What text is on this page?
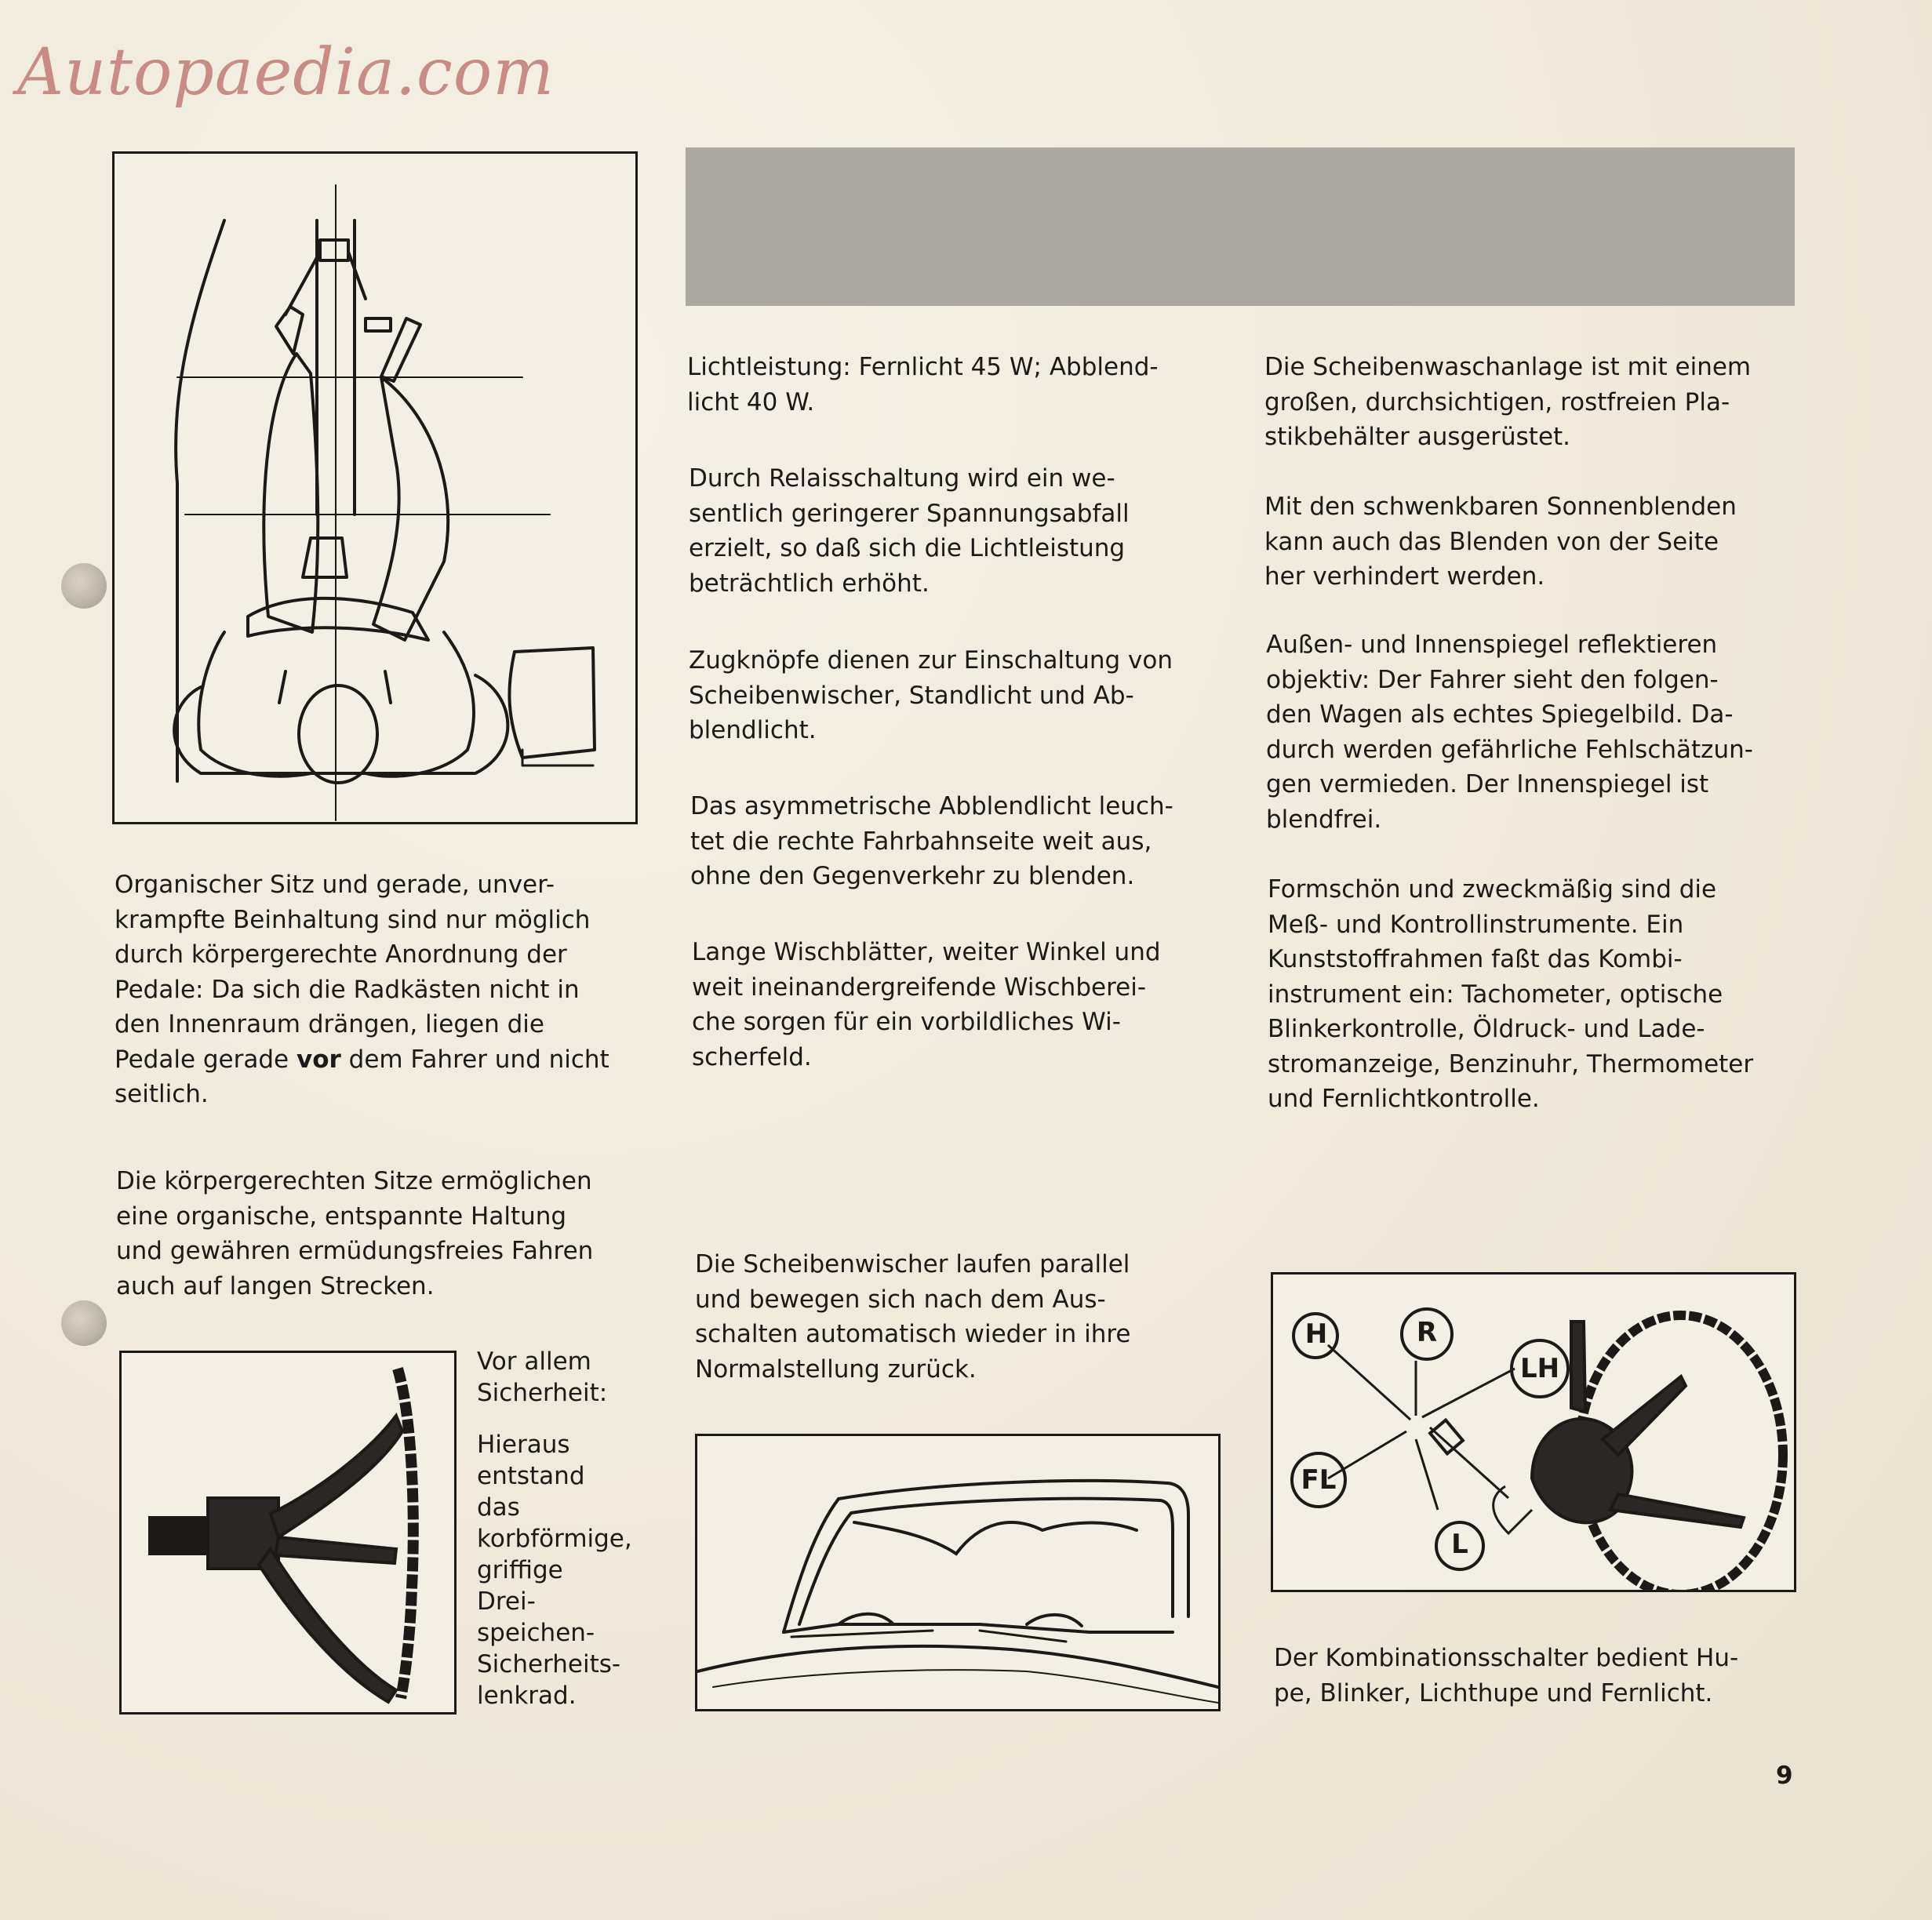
Autopaedia.com

Organischer Sitz und gerade, unver-
krampfte Beinhaltung sind nur möglich
durch körpergerechte Anordnung der
Pedale: Da sich die Radkästen nicht in
den Innenraum drängen, liegen die
Pedale gerade vor dem Fahrer und nicht
seitlich.

Die körpergerechten Sitze ermöglichen
eine organische, entspannte Haltung
und gewähren ermüdungsfreies Fahren
auch auf langen Strecken.

Vor allem
Sicherheit:

Hieraus
entstand
das
korbförmige,
griffige
Drei-
speichen-
Sicherheits-
lenkrad.

Lichtleistung: Fernlicht 45 W; Abblend-
licht 40 W.

Durch Relaisschaltung wird ein we-
sentlich geringerer Spannungsabfall
erzielt, so daß sich die Lichtleistung
beträchtlich erhöht.

Zugknöpfe dienen zur Einschaltung von
Scheibenwischer, Standlicht und Ab-
blendlicht.

Das asymmetrische Abblendlicht leuch-
tet die rechte Fahrbahnseite weit aus,
ohne den Gegenverkehr zu blenden.

Lange Wischblätter, weiter Winkel und
weit ineinandergreifende Wischberei-
che sorgen für ein vorbildliches Wi-
scherfeld.

Die Scheibenwischer laufen parallel
und bewegen sich nach dem Aus-
schalten automatisch wieder in ihre
Normalstellung zurück.

Die Scheibenwaschanlage ist mit einem
großen, durchsichtigen, rostfreien Pla-
stikbehälter ausgerüstet.

Mit den schwenkbaren Sonnenblenden
kann auch das Blenden von der Seite
her verhindert werden.

Außen- und Innenspiegel reflektieren
objektiv: Der Fahrer sieht den folgen-
den Wagen als echtes Spiegelbild. Da-
durch werden gefährliche Fehlschätzun-
gen vermieden. Der Innenspiegel ist
blendfrei.

Formschön und zweckmäßig sind die
Meß- und Kontrollinstrumente. Ein
Kunststoffrahmen faßt das Kombi-
instrument ein: Tachometer, optische
Blinkerkontrolle, Öldruck- und Lade-
stromanzeige, Benzinuhr, Thermometer
und Fernlichtkontrolle.

H	R
LH
FL
L

Der Kombinationsschalter bedient Hu-
pe, Blinker, Lichthupe und Fernlicht.

9
